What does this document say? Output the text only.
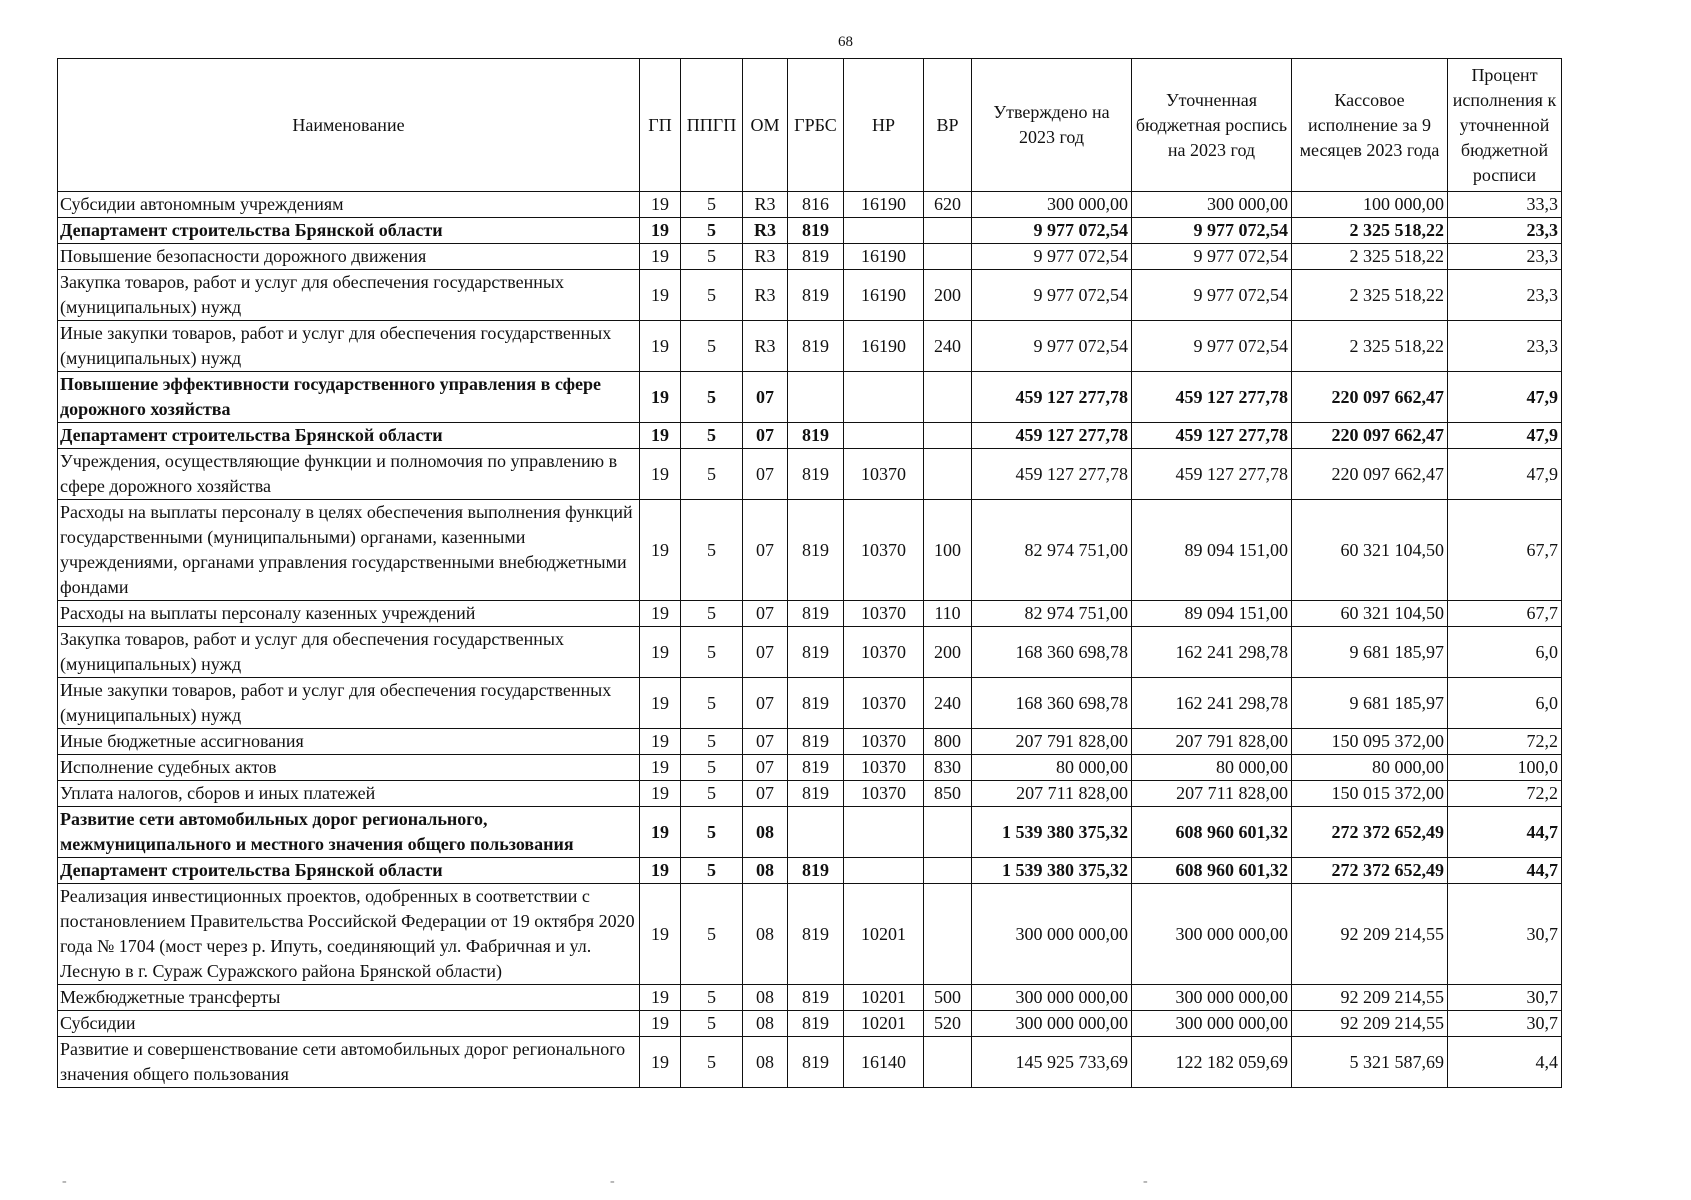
68
Наименование	ГП	ППГП	ОМ	ГРБС	НР	ВР	Утверждено на 2023 год	Уточненная бюджетная роспись на 2023 год	Кассовое исполнение за 9 месяцев 2023 года	Процент исполнения к уточненной бюджетной росписи
Субсидии автономным учреждениям	19	5	R3	816	16190	620	300 000,00	300 000,00	100 000,00	33,3
Департамент строительства Брянской области	19	5	R3	819			9 977 072,54	9 977 072,54	2 325 518,22	23,3
Повышение безопасности дорожного движения	19	5	R3	819	16190		9 977 072,54	9 977 072,54	2 325 518,22	23,3
Закупка товаров, работ и услуг для обеспечения государственных (муниципальных) нужд	19	5	R3	819	16190	200	9 977 072,54	9 977 072,54	2 325 518,22	23,3
Иные закупки товаров, работ и услуг для обеспечения государственных (муниципальных) нужд	19	5	R3	819	16190	240	9 977 072,54	9 977 072,54	2 325 518,22	23,3
Повышение эффективности государственного управления в сфере дорожного хозяйства	19	5	07				459 127 277,78	459 127 277,78	220 097 662,47	47,9
Департамент строительства Брянской области	19	5	07	819			459 127 277,78	459 127 277,78	220 097 662,47	47,9
Учреждения, осуществляющие функции и полномочия по управлению в сфере дорожного хозяйства	19	5	07	819	10370		459 127 277,78	459 127 277,78	220 097 662,47	47,9
Расходы на выплаты персоналу в целях обеспечения выполнения функций государственными (муниципальными) органами, казенными учреждениями, органами управления государственными внебюджетными фондами	19	5	07	819	10370	100	82 974 751,00	89 094 151,00	60 321 104,50	67,7
Расходы на выплаты персоналу казенных учреждений	19	5	07	819	10370	110	82 974 751,00	89 094 151,00	60 321 104,50	67,7
Закупка товаров, работ и услуг для обеспечения государственных (муниципальных) нужд	19	5	07	819	10370	200	168 360 698,78	162 241 298,78	9 681 185,97	6,0
Иные закупки товаров, работ и услуг для обеспечения государственных (муниципальных) нужд	19	5	07	819	10370	240	168 360 698,78	162 241 298,78	9 681 185,97	6,0
Иные бюджетные ассигнования	19	5	07	819	10370	800	207 791 828,00	207 791 828,00	150 095 372,00	72,2
Исполнение судебных актов	19	5	07	819	10370	830	80 000,00	80 000,00	80 000,00	100,0
Уплата налогов, сборов и иных платежей	19	5	07	819	10370	850	207 711 828,00	207 711 828,00	150 015 372,00	72,2
Развитие сети автомобильных дорог регионального, межмуниципального и местного значения общего пользования	19	5	08				1 539 380 375,32	608 960 601,32	272 372 652,49	44,7
Департамент строительства Брянской области	19	5	08	819			1 539 380 375,32	608 960 601,32	272 372 652,49	44,7
Реализация инвестиционных проектов, одобренных в соответствии с постановлением Правительства Российской Федерации от 19 октября 2020 года № 1704 (мост через р. Ипуть, соединяющий ул. Фабричная и ул. Лесную в г. Сураж Суражского района Брянской области)	19	5	08	819	10201		300 000 000,00	300 000 000,00	92 209 214,55	30,7
Межбюджетные трансферты	19	5	08	819	10201	500	300 000 000,00	300 000 000,00	92 209 214,55	30,7
Субсидии	19	5	08	819	10201	520	300 000 000,00	300 000 000,00	92 209 214,55	30,7
Развитие и совершенствование сети автомобильных дорог регионального значения общего пользования	19	5	08	819	16140		145 925 733,69	122 182 059,69	5 321 587,69	4,4
-	-	-
